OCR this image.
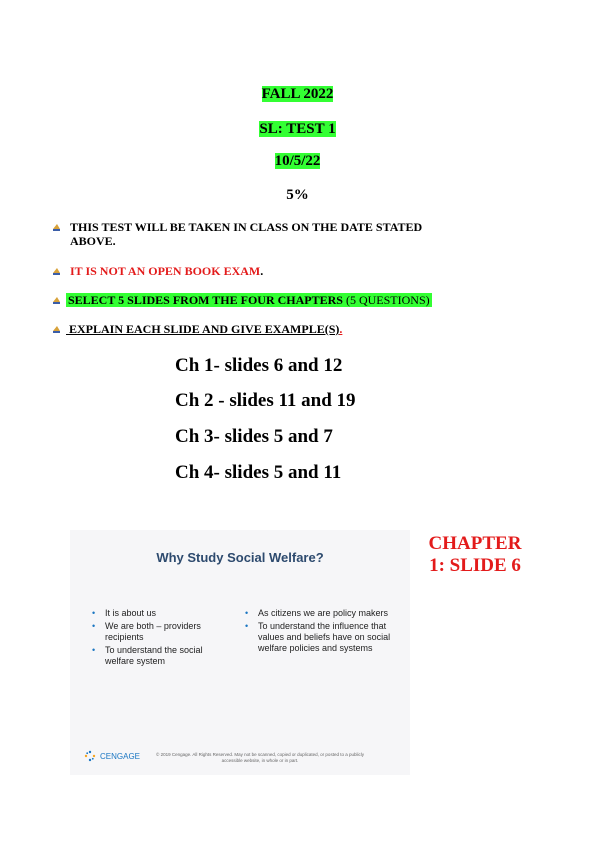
FALL 2022
SL: TEST 1
10/5/22
5%
THIS TEST WILL BE TAKEN IN CLASS ON THE DATE STATED
ABOVE.
IT IS NOT AN OPEN BOOK EXAM.
SELECT 5 SLIDES FROM THE FOUR CHAPTERS (5 QUESTIONS)
EXPLAIN EACH SLIDE AND GIVE EXAMPLE(S).
Ch 1- slides 6 and 12
Ch 2 - slides 11 and 19
Ch 3- slides 5 and 7
Ch 4- slides 5 and 11
Why Study Social Welfare?
• It is about us
• We are both – providers recipients
• To understand the social welfare system
• As citizens we are policy makers
• To understand the influence that values and beliefs have on social welfare policies and systems
CENGAGE	© 2019 Cengage. All Rights Reserved. May not be scanned, copied or duplicated, or posted to a publicly accessible website, in whole or in part.
CHAPTER
1: SLIDE 6
